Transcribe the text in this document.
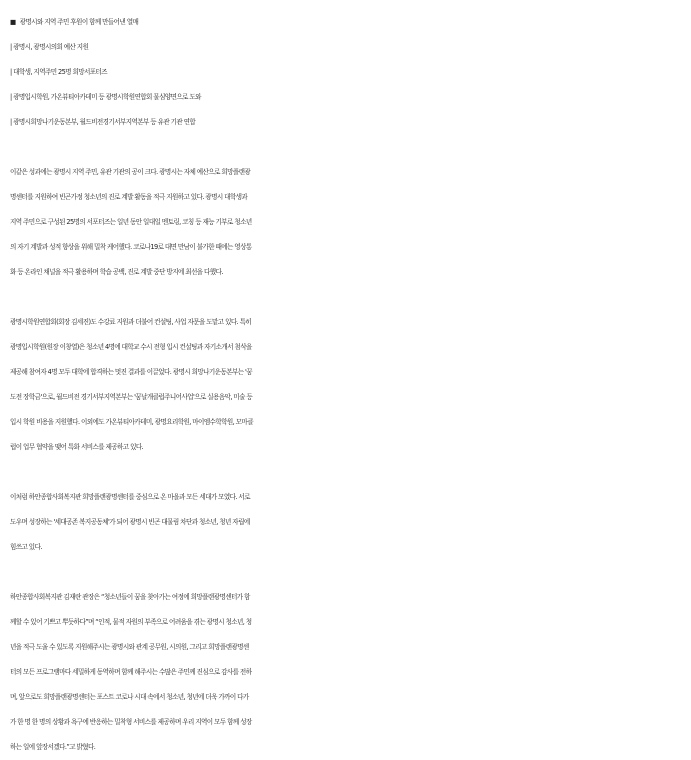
■ 광명시와 지역 주민 후원이 함께 만들어낸 열매
| 광명시, 광명시의회 예산 지원
| 대학생, 지역주민 25명 희망서포터즈
| 광명입시학원, 가온뷰티아카데미 등 광명시학원연합회 물심양면으로 도와
| 광명시희망나기운동본부, 월드비전경기서부지역본부 등 유관 기관 연합
이같은 성과에는 광명시 지역 주민, 유관 기관의 공이 크다. 광명시는 자체 예산으로 희망플랜광
명센터를 지원하여 빈곤가정 청소년의 진로 계발 활동을 적극 지원하고 있다. 광명시 대학생과
지역 주민으로 구성된 25명의 서포터즈는 일년 동안 일대일 멘토링, 코칭 등 재능 기부로 청소년
의 자기 계발과 성적 향상을 위해 밀착 케어했다. 코로나19로 대면 만남이 불가한 때에는 영상통
화 등 온라인 채널을 적극 활용하며 학습 공백, 진로 계발 중단 방지에 최선을 다했다.
광명시학원연합회(회장 김세진)도 수강료 지원과 더불어 컨설팅, 사업 자문을 도맡고 있다. 특히
광명입시학원(원장 이창열)은 청소년 4명에 대학교 수시 전형 입시 컨설팅과 자기소개서 첨삭을
제공해 참여자 4명 모두 대학에 합격하는 멋진 결과를 이끌었다. 광명시 희망나기운동본부는 '꿈
도전 장학금'으로, 월드비전 경기서부지역본부는 '꿈날개클럽주니어사업'으로 실용음악, 미술 등
입시 학원 비용을 지원했다. 이외에도 가온뷰티아카데미, 광명요리학원, 마이엠수학학원, 모마클
럽이 업무 협약을 맺어 특화 서비스를 제공하고 있다.
이처럼 하안종합사회복지관 희망플랜광명센터를 중심으로 온 마을과 모든 세대가 모였다. 서로
도우며 성장하는 '세대공존 복지공동체'가 되어 광명시 빈곤 대물림 차단과 청소년, 청년 자립에
힘쓰고 있다.
하안종합사회복지관 김재란 관장은 “청소년들이 꿈을 찾아가는 여정에 희망플랜광명센터가 함
께할 수 있어 기쁘고 뿌듯하다”며 “인적, 물적 자원의 부족으로 어려움을 겪는 광명시 청소년, 청
년을 적극 도울 수 있도록 지원해주시는 광명시와 관계 공무원, 시의원, 그리고 희망플랜광명센
터의 모든 프로그램마다 세밀하게 동역하며 함께 해주시는 수많은 주민께 진심으로 감사를 전하
며, 앞으로도 희망플랜광명센터는 포스트 코로나 시대 속에서 청소년, 청년에 더욱 가까이 다가
가 한 명 한 명의 상황과 욕구에 반응하는 밀착형 서비스를 제공하며 우리 지역이 모두 함께 성장
하는 일에 앞장서겠다.”고 밝혔다.
